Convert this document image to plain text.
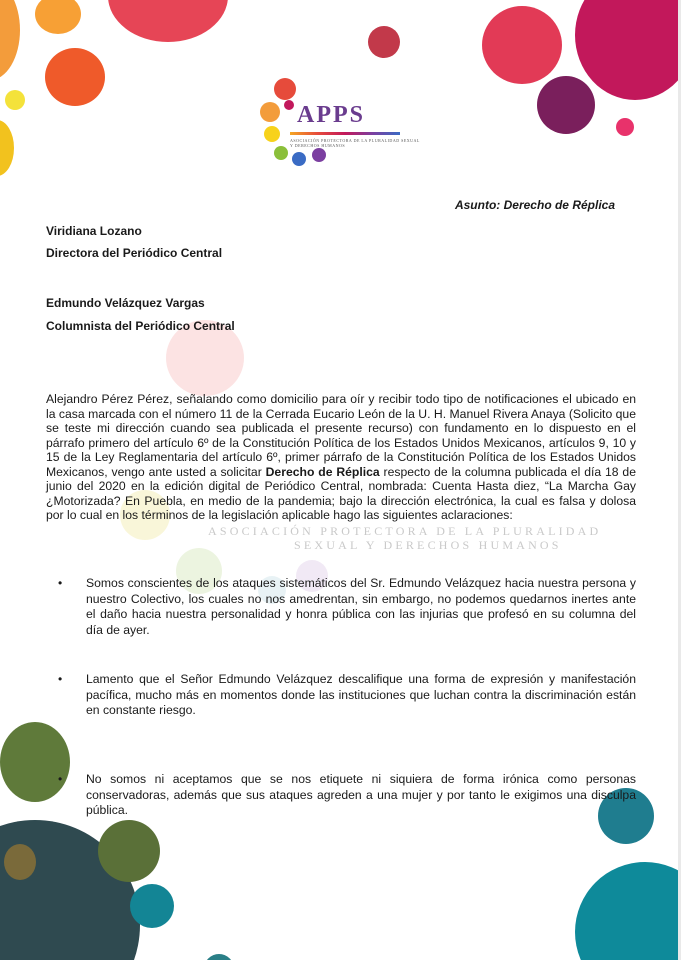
APPS
ASOCIACIÓN PROTECTORA DE LA PLURALIDAD SEXUAL Y DERECHOS HUMANOS
Asunto: Derecho de Réplica
Viridiana Lozano
Directora del Periódico Central
Edmundo Velázquez Vargas
Columnista del Periódico Central

Alejandro Pérez Pérez, señalando como domicilio para oír y recibir todo tipo de notificaciones el ubicado en la casa marcada con el número 11 de la Cerrada Eucario León de la U. H. Manuel Rivera Anaya (Solicito que se teste mi dirección cuando sea publicada el presente recurso) con fundamento en lo dispuesto en el párrafo primero del artículo 6º de la Constitución Política de los Estados Unidos Mexicanos, artículos 9, 10 y 15 de la Ley Reglamentaria del artículo 6º, primer párrafo de la Constitución Política de los Estados Unidos Mexicanos, vengo ante usted a solicitar Derecho de Réplica respecto de la columna publicada el día 18 de junio del 2020 en la edición digital de Periódico Central, nombrada: Cuenta Hasta diez, “La Marcha Gay ¿Motorizada? En Puebla, en medio de la pandemia; bajo la dirección electrónica, la cual es falsa y dolosa por lo cual en los términos de la legislación aplicable hago las siguientes aclaraciones:

ASOCIACIÓN PROTECTORA DE LA PLURALIDAD
SEXUAL Y DERECHOS HUMANOS
• Somos conscientes de los ataques sistemáticos del Sr. Edmundo Velázquez hacia nuestra persona y nuestro Colectivo, los cuales no nos amedrentan, sin embargo, no podemos quedarnos inertes ante el daño hacia nuestra personalidad y honra pública con las injurias que profesó en su columna del día de ayer.
• Lamento que el Señor Edmundo Velázquez descalifique una forma de expresión y manifestación pacífica, mucho más en momentos donde las instituciones que luchan contra la discriminación están en constante riesgo.
• No somos ni aceptamos que se nos etiquete ni siquiera de forma irónica como personas conservadoras, además que sus ataques agreden a una mujer y por tanto le exigimos una disculpa pública.
